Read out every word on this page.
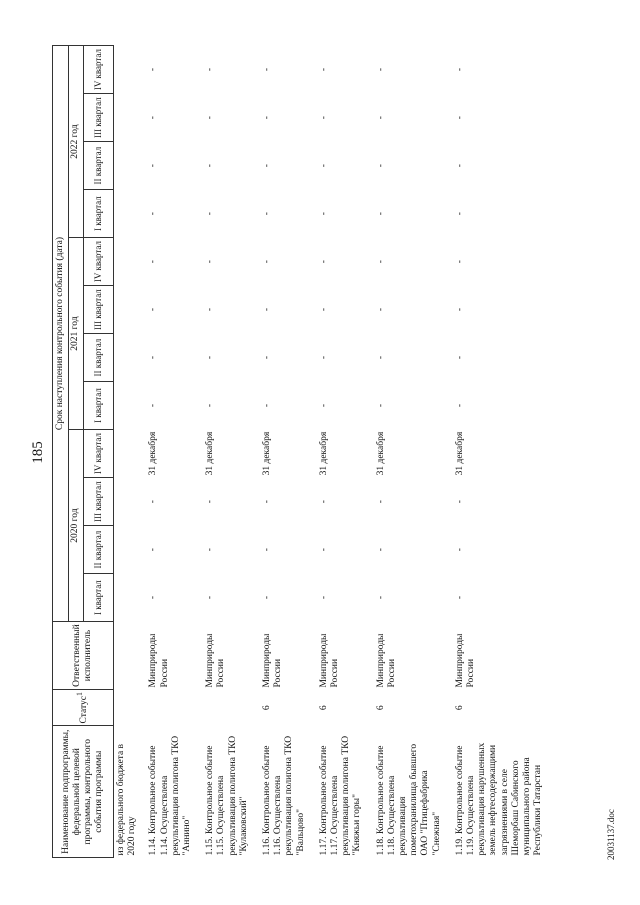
185
Наименование подпрограммы, федеральной целевой программы, контрольного события программы	Статус$^1$	Ответственный исполнитель	Срок наступления контрольного события (дата)											
			2020 год				2021 год				2022 год			
			I квартал	II квартал	III квартал	IV квартал	I квартал	II квартал	III квартал	IV квартал	I квартал	II квартал	III квартал	IV квартал
из федерального бюджета в 2020 году														
1.14. Контрольное событие 1.14. Осуществлена рекультивация полигона ТКО "Аннино"		Минприроды России	-	-	-	31 декабря	-	-	-	-	-	-	-	-
1.15. Контрольное событие 1.15. Осуществлена рекультивация полигона ТКО "Кулаковский"		Минприроды России	-	-	-	31 декабря	-	-	-	-	-	-	-	-
1.16. Контрольное событие 1.16. Осуществлена рекультивация полигона ТКО "Вальцово"	6	Минприроды России	-	-	-	31 декабря	-	-	-	-	-	-	-	-
1.17. Контрольное событие 1.17. Осуществлена рекультивация полигона ТКО "Княжьи горы"	6	Минприроды России	-	-	-	31 декабря	-	-	-	-	-	-	-	-
1.18. Контрольное событие 1.18. Осуществлена рекультивация пометохранилища бывшего ОАО "Птицефабрика "Снежная"	6	Минприроды России	-	-	-	31 декабря	-	-	-	-	-	-	-	-
1.19. Контрольное событие 1.19. Осуществлена рекультивация нарушенных земель нефтесодержащими загрязнениями в селе Шеморбаш Сабинского муниципального района Республики Татарстан	6	Минприроды России	-	-	-	31 декабря	-	-	-	-	-	-	-	-
20031137.doc
